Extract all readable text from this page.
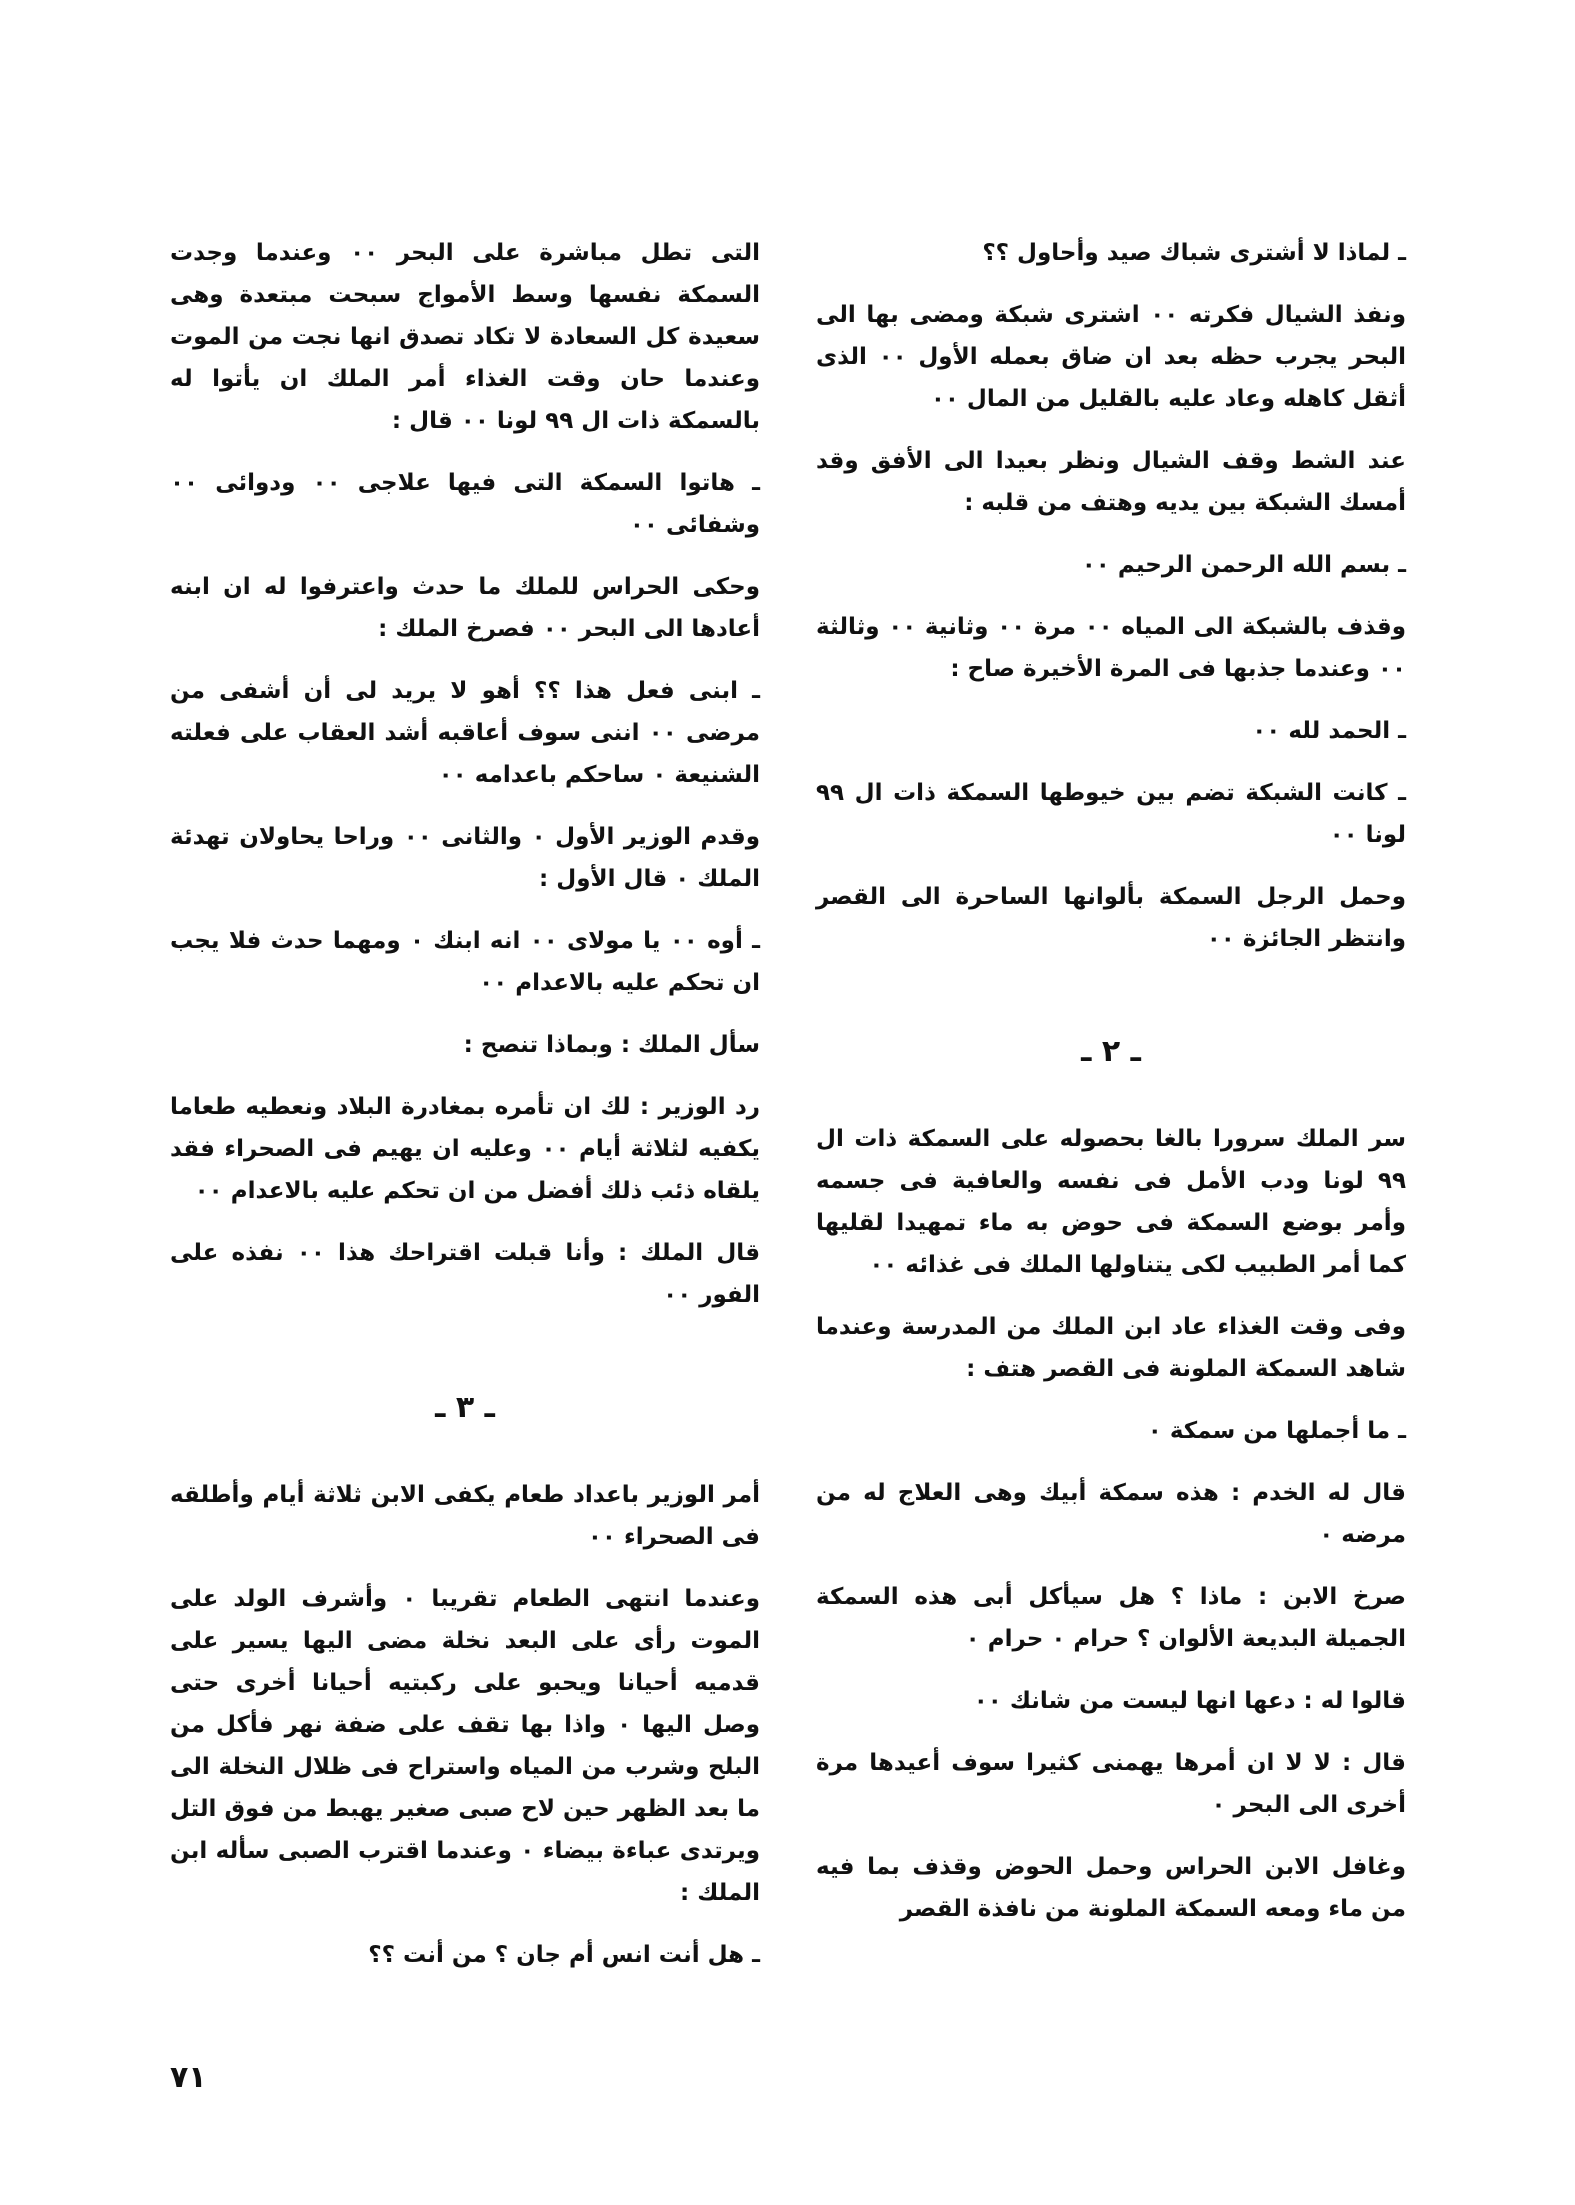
ـ لماذا لا أشترى شباك صيد وأحاول ؟؟

ونفذ الشيال فكرته ٠٠ اشترى شبكة ومضى بها الى البحر يجرب حظه بعد ان ضاق بعمله الأول ٠٠ الذى أثقل كاهله وعاد عليه بالقليل من المال ٠٠

عند الشط وقف الشيال ونظر بعيدا الى الأفق وقد أمسك الشبكة بين يديه وهتف من قلبه :

ـ بسم الله الرحمن الرحيم ٠٠

وقذف بالشبكة الى المياه ٠٠ مرة ٠٠ وثانية ٠٠ وثالثة ٠٠ وعندما جذبها فى المرة الأخيرة صاح :

ـ الحمد لله ٠٠

ـ كانت الشبكة تضم بين خيوطها السمكة ذات ال ٩٩ لونا ٠٠

وحمل الرجل السمكة بألوانها الساحرة الى القصر وانتظر الجائزة ٠٠

ـ ٢ ـ

سر الملك سرورا بالغا بحصوله على السمكة ذات ال ٩٩ لونا ودب الأمل فى نفسه والعافية فى جسمه وأمر بوضع السمكة فى حوض به ماء تمهيدا لقليها كما أمر الطبيب لكى يتناولها الملك فى غذائه ٠٠

وفى وقت الغذاء عاد ابن الملك من المدرسة وعندما شاهد السمكة الملونة فى القصر هتف :

ـ ما أجملها من سمكة ٠

قال له الخدم : هذه سمكة أبيك وهى العلاج له من مرضه ٠

صرخ الابن : ماذا ؟ هل سيأكل أبى هذه السمكة الجميلة البديعة الألوان ؟ حرام ٠ حرام ٠

قالوا له : دعها انها ليست من شانك ٠٠

قال : لا لا ان أمرها يهمنى كثيرا سوف أعيدها مرة أخرى الى البحر ٠

وغافل الابن الحراس وحمل الحوض وقذف بما فيه من ماء ومعه السمكة الملونة من نافذة القصر

التى تطل مباشرة على البحر ٠٠ وعندما وجدت السمكة نفسها وسط الأمواج سبحت مبتعدة وهى سعيدة كل السعادة لا تكاد تصدق انها نجت من الموت وعندما حان وقت الغذاء أمر الملك ان يأتوا له بالسمكة ذات ال ٩٩ لونا ٠٠ قال :

ـ هاتوا السمكة التى فيها علاجى ٠٠ ودوائى ٠٠ وشفائى ٠٠

وحكى الحراس للملك ما حدث واعترفوا له ان ابنه أعادها الى البحر ٠٠ فصرخ الملك :

ـ ابنى فعل هذا ؟؟ أهو لا يريد لى أن أشفى من مرضى ٠٠ اننى سوف أعاقبه أشد العقاب على فعلته الشنيعة ٠ ساحكم باعدامه ٠٠

وقدم الوزير الأول ٠ والثانى ٠٠ وراحا يحاولان تهدئة الملك ٠ قال الأول :

ـ أوه ٠٠ يا مولاى ٠٠ انه ابنك ٠ ومهما حدث فلا يجب ان تحكم عليه بالاعدام ٠٠

سأل الملك : وبماذا تنصح :

رد الوزير : لك ان تأمره بمغادرة البلاد ونعطيه طعاما يكفيه لثلاثة أيام ٠٠ وعليه ان يهيم فى الصحراء فقد يلقاه ذئب ذلك أفضل من ان تحكم عليه بالاعدام ٠٠

قال الملك : وأنا قبلت اقتراحك هذا ٠٠ نفذه على الفور ٠٠

ـ ٣ ـ

أمر الوزير باعداد طعام يكفى الابن ثلاثة أيام وأطلقه فى الصحراء ٠٠

وعندما انتهى الطعام تقريبا ٠ وأشرف الولد على الموت رأى على البعد نخلة مضى اليها يسير على قدميه أحيانا ويحبو على ركبتيه أحيانا أخرى حتى وصل اليها ٠ واذا بها تقف على ضفة نهر فأكل من البلح وشرب من المياه واستراح فى ظلال النخلة الى ما بعد الظهر حين لاح صبى صغير يهبط من فوق التل ويرتدى عباءة بيضاء ٠ وعندما اقترب الصبى سأله ابن الملك :

ـ هل أنت انس أم جان ؟ من أنت ؟؟

٧١
